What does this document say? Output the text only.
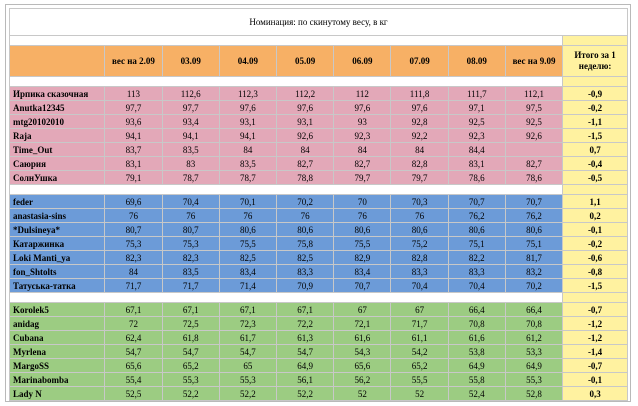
Номинация: по скинутому весу, в кг									

	вес на 2.09	03.09	04.09	05.09	06.09	07.09	08.09	вес на 9.09	Итого за 1 неделю:

Ирпика сказочная	113	112,6	112,3	112,2	112	111,8	111,7	112,1	-0,9
Anutka12345	97,7	97,7	97,6	97,6	97,6	97,6	97,1	97,5	-0,2
mtg20102010	93,6	93,4	93,1	93,1	93	92,8	92,5	92,5	-1,1
Raja	94,1	94,1	94,1	92,6	92,3	92,2	92,3	92,6	-1,5
Time_Out	83,7	83,5	84	84	84	84	84,4		0,7
Саюрия	83,1	83	83,5	82,7	82,7	82,8	83,1	82,7	-0,4
СолнУшка	79,1	78,7	78,7	78,8	79,7	79,7	78,6	78,6	-0,5

feder	69,6	70,4	70,1	70,2	70	70,3	70,7	70,7	1,1
anastasia-sins	76	76	76	76	76	76	76,2	76,2	0,2
*Dulsineya*	80,7	80,7	80,6	80,6	80,6	80,6	80,6	80,6	-0,1
Катаржинка	75,3	75,3	75,5	75,8	75,5	75,2	75,1	75,1	-0,2
Loki Manti_ya	82,3	82,3	82,5	82,5	82,9	82,8	82,2	81,7	-0,6
fon_Shtolts	84	83,5	83,4	83,3	83,4	83,3	83,3	83,2	-0,8
Татуська-татка	71,7	71,7	71,4	70,9	70,7	70,4	70,4	70,2	-1,5

Korolek5	67,1	67,1	67,1	67,1	67	67	66,4	66,4	-0,7
anidag	72	72,5	72,3	72,2	72,1	71,7	70,8	70,8	-1,2
Cubana	62,4	61,8	61,7	61,3	61,6	61,1	61,6	61,2	-1,2
Myrlena	54,7	54,7	54,7	54,7	54,3	54,2	53,8	53,3	-1,4
MargoSS	65,6	65,2	65	64,9	65,6	65,2	64,9	64,9	-0,7
Marinabomba	55,4	55,3	55,3	56,1	56,2	55,5	55,8	55,3	-0,1
Lady N	52,5	52,2	52,2	52,2	52	52	52,4	52,8	0,3
